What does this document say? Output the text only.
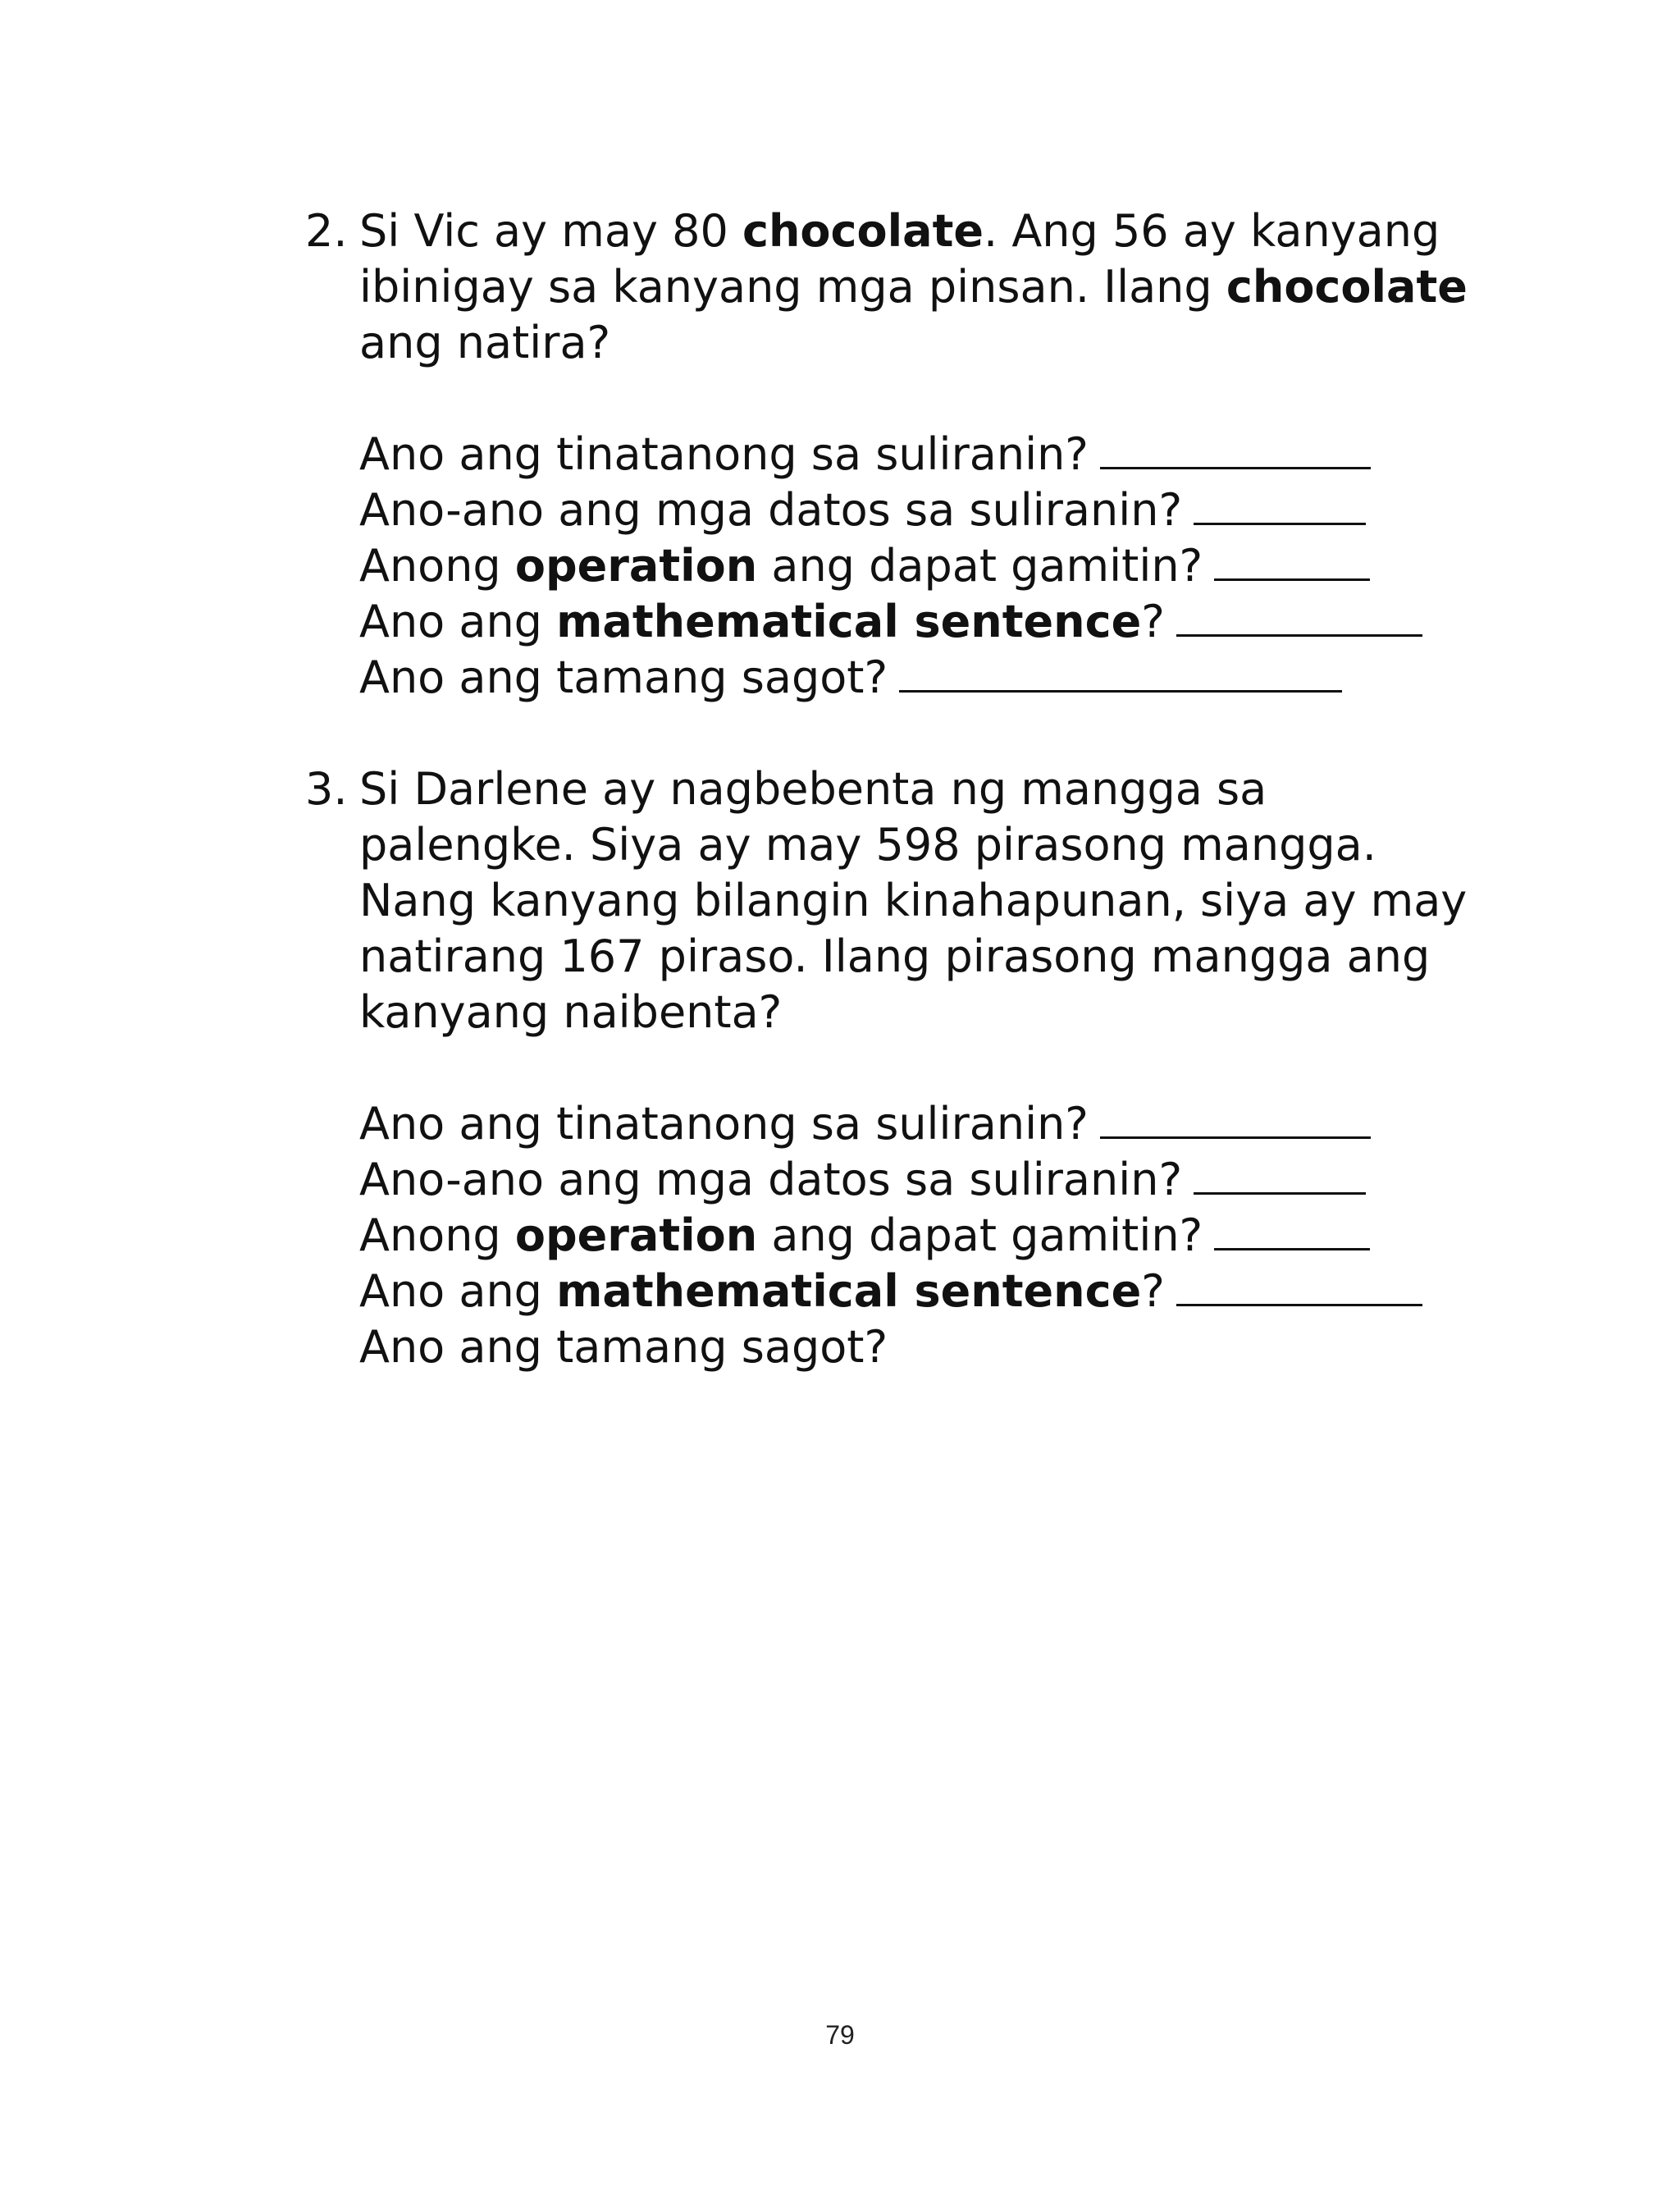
2. Si Vic ay may 80 chocolate. Ang 56 ay kanyang ibinigay sa kanyang mga pinsan. Ilang chocolate ang natira?
Ano ang tinatanong sa suliranin?
Ano-ano ang mga datos sa suliranin?
Anong operation ang dapat gamitin?
Ano ang mathematical sentence?
Ano ang tamang sagot?
3. Si Darlene ay nagbebenta ng mangga sa palengke. Siya ay may 598 pirasong mangga. Nang kanyang bilangin kinahapunan, siya ay may natirang 167 piraso. Ilang pirasong mangga ang kanyang naibenta?
Ano ang tinatanong sa suliranin?
Ano-ano ang mga datos sa suliranin?
Anong operation ang dapat gamitin?
Ano ang mathematical sentence?
Ano ang tamang sagot?
79
